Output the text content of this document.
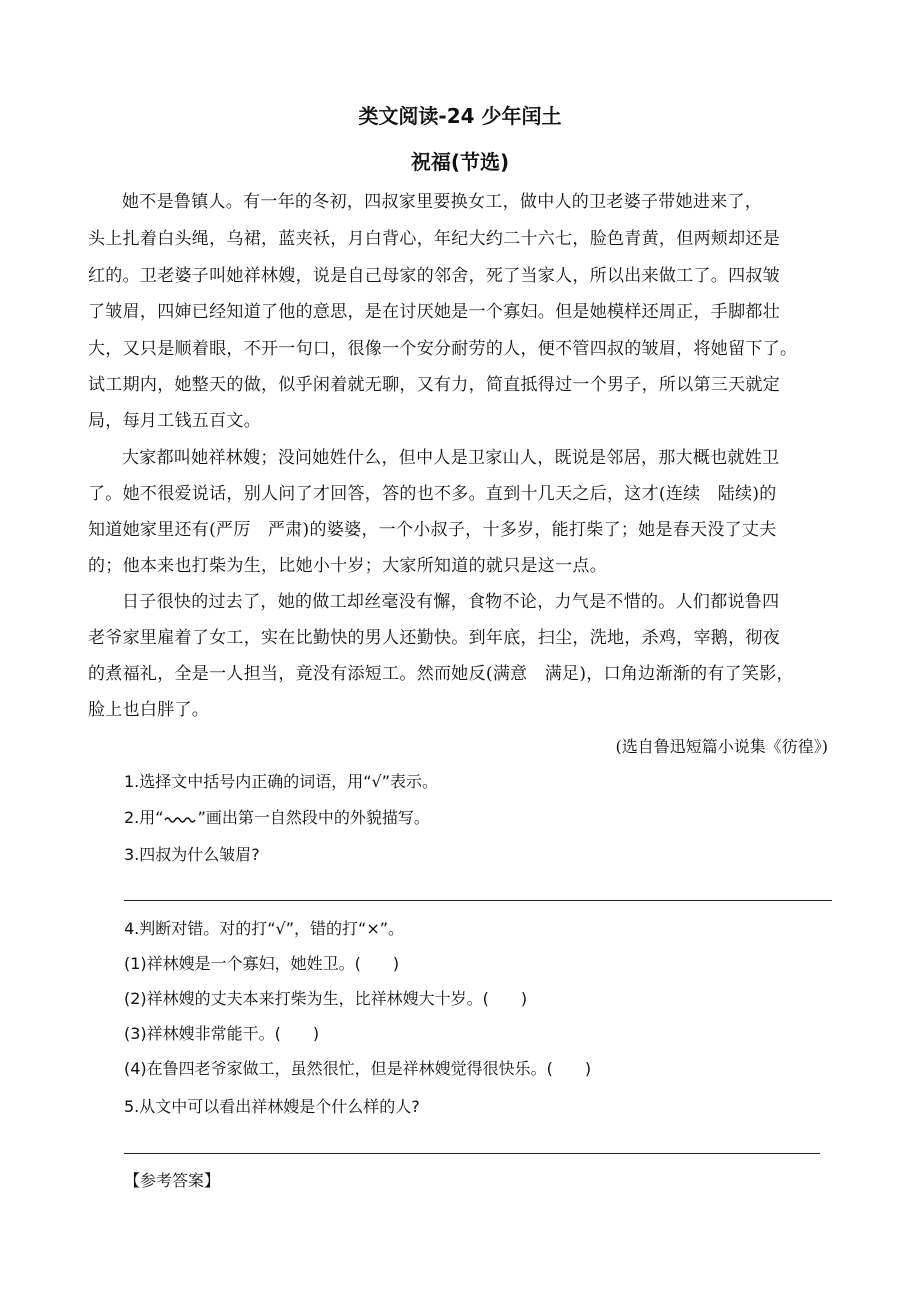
类文阅读-24 少年闰土
祝福(节选)
她不是鲁镇人。有一年的冬初，四叔家里要换女工，做中人的卫老婆子带她进来了，
头上扎着白头绳，乌裙，蓝夹袄，月白背心，年纪大约二十六七，脸色青黄，但两颊却还是
红的。卫老婆子叫她祥林嫂，说是自己母家的邻舍，死了当家人，所以出来做工了。四叔皱
了皱眉，四婶已经知道了他的意思，是在讨厌她是一个寡妇。但是她模样还周正，手脚都壮
大，又只是顺着眼，不开一句口，很像一个安分耐劳的人，便不管四叔的皱眉，将她留下了。
试工期内，她整天的做，似乎闲着就无聊，又有力，简直抵得过一个男子，所以第三天就定
局，每月工钱五百文。
大家都叫她祥林嫂；没问她姓什么，但中人是卫家山人，既说是邻居，那大概也就姓卫
了。她不很爱说话，别人问了才回答，答的也不多。直到十几天之后，这才(连续　陆续)的
知道她家里还有(严厉　严肃)的婆婆，一个小叔子，十多岁，能打柴了；她是春天没了丈夫
的；他本来也打柴为生，比她小十岁；大家所知道的就只是这一点。
日子很快的过去了，她的做工却丝毫没有懈，食物不论，力气是不惜的。人们都说鲁四
老爷家里雇着了女工，实在比勤快的男人还勤快。到年底，扫尘，洗地，杀鸡，宰鹅，彻夜
的煮福礼，全是一人担当，竟没有添短工。然而她反(满意　满足)，口角边渐渐的有了笑影，
脸上也白胖了。
(选自鲁迅短篇小说集《彷徨》)
1.选择文中括号内正确的词语，用“√”表示。
2.用“ ”画出第一自然段中的外貌描写。
3.四叔为什么皱眉?
4.判断对错。对的打“√”，错的打“×”。
(1)祥林嫂是一个寡妇，她姓卫。(　　)
(2)祥林嫂的丈夫本来打柴为生，比祥林嫂大十岁。(　　)
(3)祥林嫂非常能干。(　　)
(4)在鲁四老爷家做工，虽然很忙，但是祥林嫂觉得很快乐。(　　)
5.从文中可以看出祥林嫂是个什么样的人?
【参考答案】
